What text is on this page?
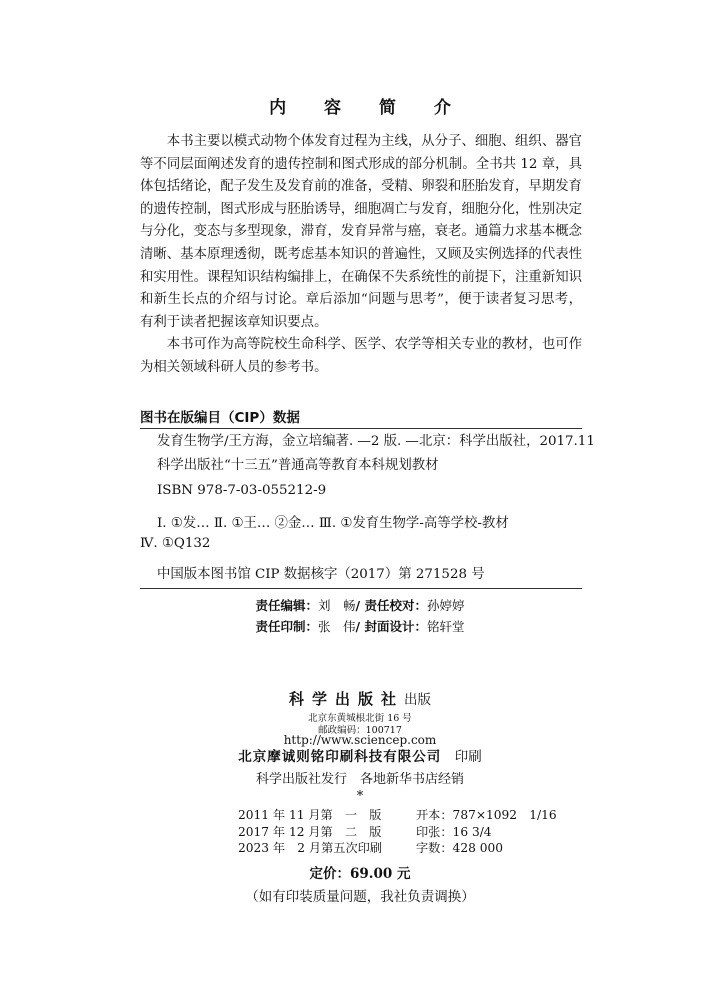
内 容 简 介

本书主要以模式动物个体发育过程为主线，从分子、细胞、组织、器官等不同层面阐述发育的遗传控制和图式形成的部分机制。全书共 12 章，具体包括绪论，配子发生及发育前的准备，受精、卵裂和胚胎发育，早期发育的遗传控制，图式形成与胚胎诱导，细胞凋亡与发育，细胞分化，性别决定与分化，变态与多型现象，滞育，发育异常与癌，衰老。通篇力求基本概念清晰、基本原理透彻，既考虑基本知识的普遍性，又顾及实例选择的代表性和实用性。课程知识结构编排上，在确保不失系统性的前提下，注重新知识和新生长点的介绍与讨论。章后添加“问题与思考”，便于读者复习思考，有利于读者把握该章知识要点。

本书可作为高等院校生命科学、医学、农学等相关专业的教材，也可作为相关领域科研人员的参考书。

图书在版编目（CIP）数据
发育生物学/王方海，金立培编著. —2 版. —北京：科学出版社，2017.11
科学出版社“十三五”普通高等教育本科规划教材
ISBN 978-7-03-055212-9
Ⅰ. ①发… Ⅱ. ①王… ②金… Ⅲ. ①发育生物学-高等学校-教材
Ⅳ. ①Q132
中国版本图书馆 CIP 数据核字（2017）第 271528 号
责任编辑：刘　畅/ 责任校对：孙婷婷
责任印制：张　伟/ 封面设计：铭轩堂
科学出版社出版
北京东黄城根北街 16 号
邮政编码：100717
http://www.sciencep.com
北京摩诚则铭印刷科技有限公司　 印刷
科学出版社发行　各地新华书店经销
*
2011 年 11 月第　一　版	开本：787×1092　1/16
2017 年 12 月第　二　版	印张：16 3/4
2023 年　2 月第五次印刷	字数：428 000
定价：69.00 元
（如有印装质量问题，我社负责调换）
